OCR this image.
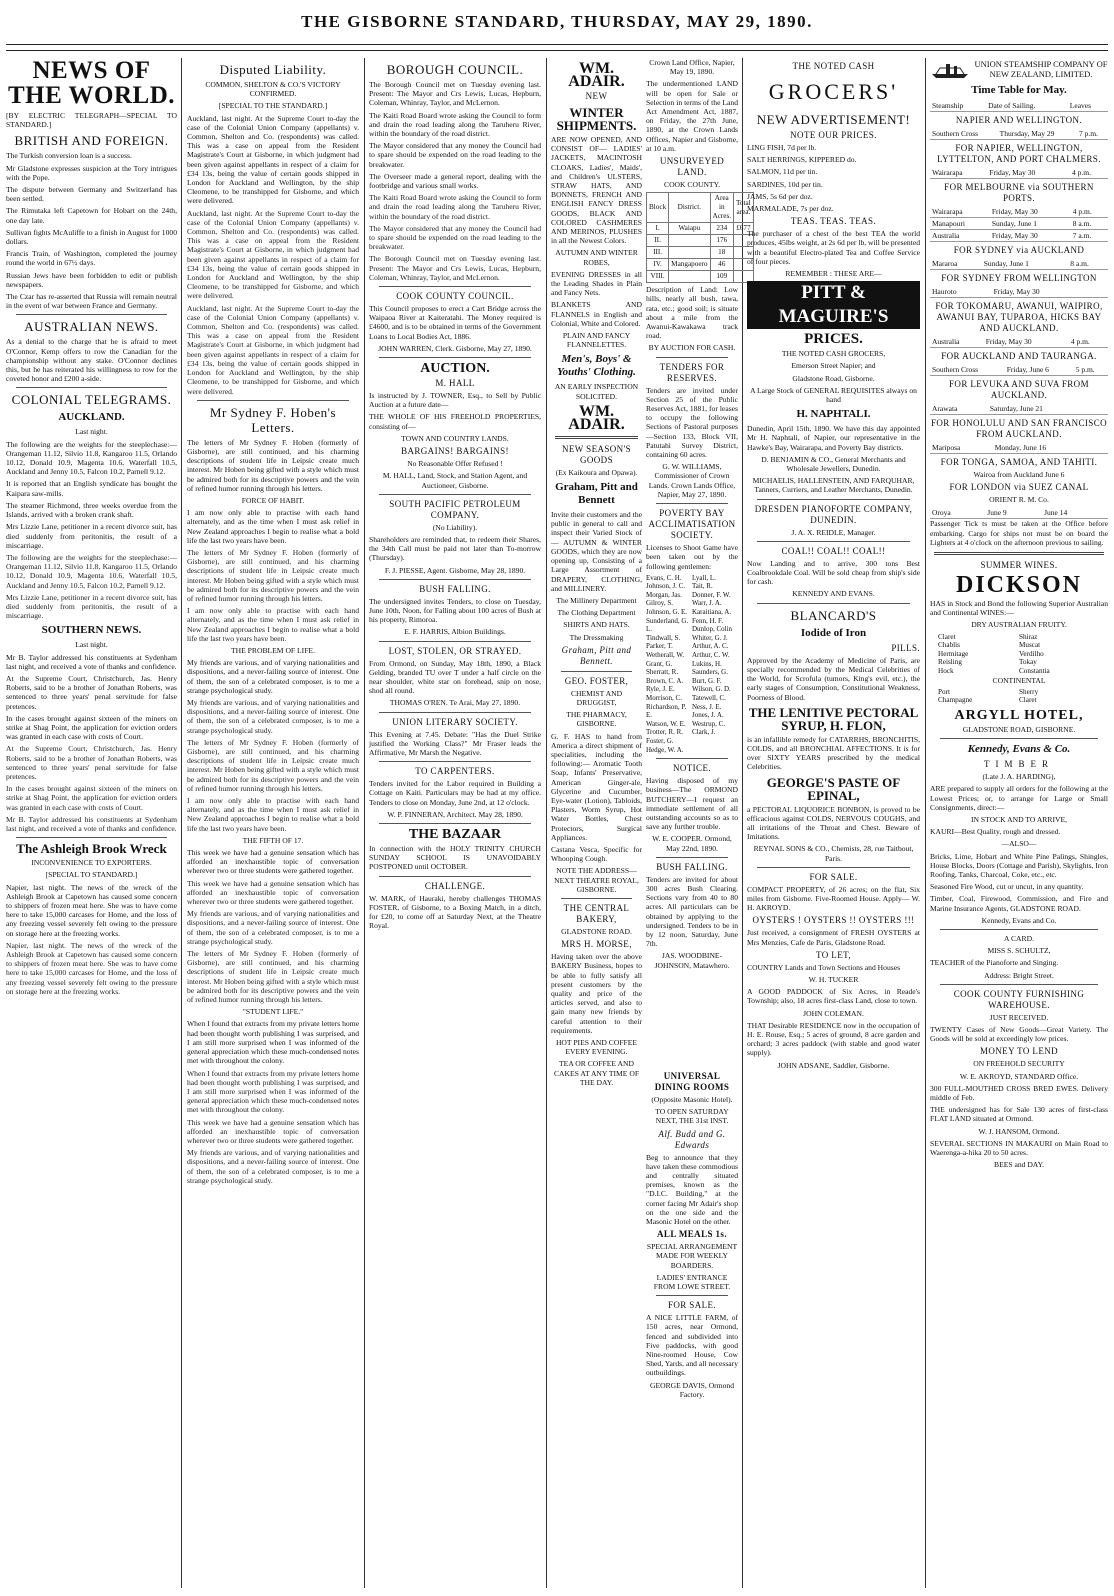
THE GISBORNE STANDARD, THURSDAY, MAY 29, 1890.
NEWS OF THE WORLD.

[BY ELECTRIC TELEGRAPH—SPECIAL TO STANDARD.]

BRITISH AND FOREIGN.

The Turkish conversion loan is a success.

Mr Gladstone expresses suspicion at the Tory intrigues with the Pope.

The dispute between Germany and Switzerland has been settled.

The Rimutaka left Capetown for Hobart on the 24th, one day late.

Sullivan fights McAuliffe to a finish in August for 1000 dollars.

Francis Train, of Washington, completed the journey round the world in 67½ days.

Russian Jews have been forbidden to edit or publish newspapers.

The Czar has re-asserted that Russia will remain neutral in the event of war between France and Germany.

AUSTRALIAN NEWS.

As a denial to the charge that he is afraid to meet O'Connor, Kemp offers to row the Canadian for the championship without any stake. O'Connor declines this, but he has reiterated his willingness to row for the coveted honor and £200 a-side.

COLONIAL TELEGRAMS.
AUCKLAND.

Last night.

The following are the weights for the steeplechase:—Orangeman 11.12, Silvio 11.8, Kangaroo 11.5, Orlando 10.12, Donald 10.9, Magenta 10.6, Waterfall 10.5, Auckland and Jenny 10.5, Falcon 10.2, Parnell 9.12.

It is reported that an English syndicate has bought the Kaipara saw-mills.

The steamer Richmond, three weeks overdue from the Islands, arrived with a broken crank shaft.

Mrs Lizzie Lane, petitioner in a recent divorce suit, has died suddenly from peritonitis, the result of a miscarriage.

The following are the weights for the steeplechase:—Orangeman 11.12, Silvio 11.8, Kangaroo 11.5, Orlando 10.12, Donald 10.9, Magenta 10.6, Waterfall 10.5, Auckland and Jenny 10.5, Falcon 10.2, Parnell 9.12.

Mrs Lizzie Lane, petitioner in a recent divorce suit, has died suddenly from peritonitis, the result of a miscarriage.

SOUTHERN NEWS.

Last night.

Mr B. Taylor addressed his constituents at Sydenham last night, and received a vote of thanks and confidence.

At the Supreme Court, Christchurch, Jas. Henry Roberts, said to be a brother of Jonathan Roberts, was sentenced to three years' penal servitude for false pretences.

In the cases brought against sixteen of the miners on strike at Shag Point, the application for eviction orders was granted in each case with costs of Court.

At the Supreme Court, Christchurch, Jas. Henry Roberts, said to be a brother of Jonathan Roberts, was sentenced to three years' penal servitude for false pretences.

In the cases brought against sixteen of the miners on strike at Shag Point, the application for eviction orders was granted in each case with costs of Court.

Mr B. Taylor addressed his constituents at Sydenham last night, and received a vote of thanks and confidence.

The Ashleigh Brook Wreck

INCONVENIENCE TO EXPORTERS.

[SPECIAL TO STANDARD.]

Napier, last night. The news of the wreck of the Ashleigh Brook at Capetown has caused some concern to shippers of frozen meat here. She was to have come here to take 15,000 carcases for Home, and the loss of any freezing vessel severely felt owing to the pressure on storage here at the freezing works.

Napier, last night. The news of the wreck of the Ashleigh Brook at Capetown has caused some concern to shippers of frozen meat here. She was to have come here to take 15,000 carcases for Home, and the loss of any freezing vessel severely felt owing to the pressure on storage here at the freezing works.

Disputed Liability.

COMMON, SHELTON & CO.'S VICTORY CONFIRMED.

[SPECIAL TO THE STANDARD.]

Auckland, last night. At the Supreme Court to-day the case of the Colonial Union Company (appellants) v. Common, Shelton and Co. (respondents) was called. This was a case on appeal from the Resident Magistrate's Court at Gisborne, in which judgment had been given against appellants in respect of a claim for £34 13s, being the value of certain goods shipped in London for Auckland and Wellington, by the ship Cleomene, to be transhipped for Gisborne, and which were delivered.

Auckland, last night. At the Supreme Court to-day the case of the Colonial Union Company (appellants) v. Common, Shelton and Co. (respondents) was called. This was a case on appeal from the Resident Magistrate's Court at Gisborne, in which judgment had been given against appellants in respect of a claim for £34 13s, being the value of certain goods shipped in London for Auckland and Wellington, by the ship Cleomene, to be transhipped for Gisborne, and which were delivered.

Auckland, last night. At the Supreme Court to-day the case of the Colonial Union Company (appellants) v. Common, Shelton and Co. (respondents) was called. This was a case on appeal from the Resident Magistrate's Court at Gisborne, in which judgment had been given against appellants in respect of a claim for £34 13s, being the value of certain goods shipped in London for Auckland and Wellington, by the ship Cleomene, to be transhipped for Gisborne, and which were delivered.

Mr Sydney F. Hoben's Letters.

The letters of Mr Sydney F. Hoben (formerly of Gisborne), are still continued, and his charming descriptions of student life in Leipsic create much interest. Mr Hoben being gifted with a style which must be admired both for its descriptive powers and the vein of refined humor running through his letters.

FORCE OF HABIT.

I am now only able to practise with each hand alternately, and as the time when I must ask relief in New Zealand approaches I begin to realise what a bold life the last two years have been.

The letters of Mr Sydney F. Hoben (formerly of Gisborne), are still continued, and his charming descriptions of student life in Leipsic create much interest. Mr Hoben being gifted with a style which must be admired both for its descriptive powers and the vein of refined humor running through his letters.

I am now only able to practise with each hand alternately, and as the time when I must ask relief in New Zealand approaches I begin to realise what a bold life the last two years have been.

THE PROBLEM OF LIFE.

My friends are various, and of varying nationalities and dispositions, and a never-failing source of interest. One of them, the son of a celebrated composer, is to me a strange psychological study.

My friends are various, and of varying nationalities and dispositions, and a never-failing source of interest. One of them, the son of a celebrated composer, is to me a strange psychological study.

The letters of Mr Sydney F. Hoben (formerly of Gisborne), are still continued, and his charming descriptions of student life in Leipsic create much interest. Mr Hoben being gifted with a style which must be admired both for its descriptive powers and the vein of refined humor running through his letters.

I am now only able to practise with each hand alternately, and as the time when I must ask relief in New Zealand approaches I begin to realise what a bold life the last two years have been.

THE FIFTH OF 17.

This week we have had a genuine sensation which has afforded an inexhaustible topic of conversation wherever two or three students were gathered together.

This week we have had a genuine sensation which has afforded an inexhaustible topic of conversation wherever two or three students were gathered together.

My friends are various, and of varying nationalities and dispositions, and a never-failing source of interest. One of them, the son of a celebrated composer, is to me a strange psychological study.

The letters of Mr Sydney F. Hoben (formerly of Gisborne), are still continued, and his charming descriptions of student life in Leipsic create much interest. Mr Hoben being gifted with a style which must be admired both for its descriptive powers and the vein of refined humor running through his letters.

"STUDENT LIFE."

When I found that extracts from my private letters home had been thought worth publishing I was surprised, and I am still more surprised when I was informed of the general appreciation which these much-condensed notes met with throughout the colony.

When I found that extracts from my private letters home had been thought worth publishing I was surprised, and I am still more surprised when I was informed of the general appreciation which these much-condensed notes met with throughout the colony.

This week we have had a genuine sensation which has afforded an inexhaustible topic of conversation wherever two or three students were gathered together.

My friends are various, and of varying nationalities and dispositions, and a never-failing source of interest. One of them, the son of a celebrated composer, is to me a strange psychological study.

BOROUGH COUNCIL.

The Borough Council met on Tuesday evening last. Present: The Mayor and Crs Lewis, Lucas, Hepburn, Coleman, Whinray, Taylor, and McLernon.

The Kaiti Road Board wrote asking the Council to form and drain the road leading along the Taruheru River, within the boundary of the road district.

The Mayor considered that any money the Council had to spare should be expended on the road leading to the breakwater.

The Overseer made a general report, dealing with the footbridge and various small works.

The Kaiti Road Board wrote asking the Council to form and drain the road leading along the Taruheru River, within the boundary of the road district.

The Mayor considered that any money the Council had to spare should be expended on the road leading to the breakwater.

The Borough Council met on Tuesday evening last. Present: The Mayor and Crs Lewis, Lucas, Hepburn, Coleman, Whinray, Taylor, and McLernon.

COOK COUNTY COUNCIL.

This Council proposes to erect a Cart Bridge across the Waipaoa River at Kaiteratahi. The Money required is £4600, and is to be obtained in terms of the Government Loans to Local Bodies Act, 1886.

JOHN WARREN, Clerk. Gisborne, May 27, 1890.

AUCTION.
M. HALL

Is instructed by J. TOWNER, Esq., to Sell by Public Auction at a future date—

THE WHOLE OF HIS FREEHOLD PROPERTIES, consisting of—

TOWN AND COUNTRY LANDS.

BARGAINS! BARGAINS!

No Reasonable Offer Refused !

M. HALL, Land, Stock, and Station Agent, and Auctioneer, Gisborne.

SOUTH PACIFIC PETROLEUM COMPANY.

(No Liability).

Shareholders are reminded that, to redeem their Shares, the 34th Call must be paid not later than To-morrow (Thursday).

F. J. PIESSE, Agent. Gisborne, May 28, 1890.

BUSH FALLING.

The undersigned invites Tenders, to close on Tuesday, June 10th, Noon, for Falling about 100 acres of Bush at his property, Rimoroa.

E. F. HARRIS, Albion Buildings.

LOST, STOLEN, OR STRAYED.

From Ormond, on Sunday, May 18th, 1890, a Black Gelding, branded TU over T under a half circle on the near shoulder, white star on forehead, snip on nose, shod all round.

THOMAS O'REN. Te Arai, May 27, 1890.

UNION LITERARY SOCIETY.

This Evening at 7.45. Debate: "Has the Duel Strike justified the Working Class?" Mr Fraser leads the Affirmative, Mr Marsh the Negative.

TO CARPENTERS.

Tenders invited for the Labor required in Building a Cottage on Kaiti. Particulars may be had at my office. Tenders to close on Monday, June 2nd, at 12 o'clock.

W. P. FINNERAN, Architect. May 28, 1890.

THE BAZAAR

In connection with the HOLY TRINITY CHURCH SUNDAY SCHOOL IS UNAVOIDABLY POSTPONED until OCTOBER.

CHALLENGE.

W. MARK, of Hauraki, hereby challenges THOMAS FOSTER, of Gisborne, to a Boxing Match, in a ditch, for £20, to come off at Saturday Next, at the Theatre Royal.

WM. ADAIR.
NEW
WINTER SHIPMENTS.

ARE NOW OPENED, AND CONSIST OF— LADIES' JACKETS, MACINTOSH CLOAKS, Ladies', Maids', and Children's ULSTERS, STRAW HATS, AND BONNETS, FRENCH AND ENGLISH FANCY DRESS GOODS, BLACK AND COLORED CASHMERES AND MERINOS, PLUSHES in all the Newest Colors.

AUTUMN AND WINTER ROBES,

EVENING DRESSES in all the Leading Shades in Plain and Fancy Nets.

BLANKETS AND FLANNELS in English and Colonial, White and Colored.

PLAIN AND FANCY FLANNELETTES.

Men's, Boys' & Youths' Clothing.

AN EARLY INSPECTION SOLICITED.

WM. ADAIR.
NEW SEASON'S GOODS

(Ex Kaikoura and Opawa).

Graham, Pitt and Bennett

Invite their customers and the public in general to call and inspect their Varied Stock of— AUTUMN & WINTER GOODS, which they are now opening up, Consisting of a Large Assortment of DRAPERY, CLOTHING, and MILLINERY.

The Millinery Department

The Clothing Department

SHIRTS AND HATS.

The Dressmaking

Graham, Pitt and Bennett.
GEO. FOSTER,

CHEMIST AND DRUGGIST,

THE PHARMACY, GISBORNE.

G. F. HAS to hand from America a direct shipment of specialities, including the following:— Aromatic Tooth Soap, Infants' Preservative, American Ginger-ale, Glycerine and Cucumber, Eye-water (Lotion), Tabloids, Plasters, Worm Syrup, Hot Water Bottles, Chest Protectors, Surgical Appliances.

Castana Vesca, Specific for Whooping Cough.

NOTE THE ADDRESS— NEXT THEATRE ROYAL, GISBORNE.

THE CENTRAL BAKERY,

GLADSTONE ROAD.

MRS H. MORSE,

Having taken over the above BAKERY Business, hopes to be able to fully satisfy all present customers by the quality and price of the articles served, and also to gain many new friends by careful attention to their requirements.

HOT PIES AND COFFEE EVERY EVENING.

TEA OR COFFEE AND CAKES AT ANY TIME OF THE DAY.

Crown Land Office, Napier, May 19, 1890.

The undermentioned LAND will be open for Sale or Selection in terms of the Land Act Amendment Act, 1887, on Friday, the 27th June, 1890, at the Crown Lands Offices, Napier and Gisborne, at 10 a.m.

UNSURVEYED LAND.

COOK COUNTY.

Block	District.	Area in Acres.	Total area.
I.	Waiapu	234	£677
II.		176	
III.		18	
IV.	Mangapoero	46	
VIII.		109	

Description of Land: Low hills, nearly all bush, tawa, rata, etc.; good soil; is situate about a mile from the Awanui-Kawakawa track road.

BY AUCTION FOR CASH.

TENDERS FOR RESERVES.

Tenders are invited under Section 25 of the Public Reserves Act, 1881, for leases to occupy the following Sections of Pastoral purposes—Section 133, Block VII, Patutahi Survey District, containing 60 acres.

G. W. WILLIAMS, Commissioner of Crown Lands. Crown Lands Office, Napier, May 27, 1890.

POVERTY BAY ACCLIMATISATION SOCIETY.

Licenses to Shoot Game have been taken out by the following gentlemen:

Evans, C. H.
Johnson, J. C.
Morgan, Jas.
Gilroy, S.
Johnson, G. E.
Sunderland, G. L.
Tindwall, S.
Parker, T.
Wetherall, W.
Grant, G.
Sherratt, R.
Brown, C. A.
Ryle, J. E.
Morrison, C.
Richardson, P. E.
Watson, W. E.
Trotter, R. R.
Foster, G.
Hedge, W. A.
Lyall, L.
Tait, R.
Donner, F. W.
Warr, J. A.
Karaitiana, A.
Fenn, H. F.
Dunlop, Colin
Whiter, G. J.
Arthur, A. C.
Arthur, C. W.
Lukins, H.
Saunders, G.
Burt, G. F.
Wilson, G. D.
Tatewell, C.
Ness, J. E.
Jones, J. A.
Westrup, C.
Clark, J.
NOTICE.

Having disposed of my business—The ORMOND BUTCHERY—I request an immediate settlement of all outstanding accounts so as to save any further trouble.

W. E. COOPER. Ormond, May 22nd, 1890.

BUSH FALLING.

Tenders are invited for about 300 acres Bush Clearing. Sections vary from 40 to 80 acres. All particulars can be obtained by applying to the undersigned. Tenders to be in by 12 noon, Saturday, June 7th.

JAS. WOODBINE-JOHNSON, Matawhero.

UNIVERSAL DINING ROOMS

(Opposite Masonic Hotel).

TO OPEN SATURDAY NEXT, THE 31st INST.

Alf. Budd and G. Edwards

Beg to announce that they have taken these commodious and centrally situated premises, known as the "D.I.C. Building," at the corner facing Mr Adair's shop on the one side and the Masonic Hotel on the other.

ALL MEALS 1s.

SPECIAL ARRANGEMENT MADE FOR WEEKLY BOARDERS.

LADIES' ENTRANCE FROM LOWE STREET.

FOR SALE.

A NICE LITTLE FARM, of 150 acres, near Ormond, fenced and subdivided into Five paddocks, with good Nine-roomed House, Cow Shed, Yards, and all necessary outbuildings.

GEORGE DAVIS, Ormond Factory.

THE NOTED CASH
GROCERS'
NEW ADVERTISEMENT!
NOTE OUR PRICES.

LING FISH, 7d per lb.

SALT HERRINGS, KIPPERED do.

SALMON, 11d per tin.

SARDINES, 10d per tin.

JAMS, 5s 6d per doz.

MARMALADE, 7s per doz.

TEAS. TEAS. TEAS.

The purchaser of a chest of the best TEA the world produces, 45lbs weight, at 2s 6d per lb, will be presented with a beautiful Electro-plated Tea and Coffee Service of four pieces.

REMEMBER : THESE ARE—

PITT & MAGUIRE'S
PRICES.

THE NOTED CASH GROCERS,

Emerson Street Napier; and

Gladstone Road, Gisborne.

A Large Stock of GENERAL REQUISITES always on hand

H. NAPHTALI.

Dunedin, April 15th, 1890. We have this day appointed Mr H. Naphtali, of Napier, our representative in the Hawke's Bay, Wairarapa, and Poverty Bay districts.

D. BENJAMIN & CO., General Merchants and Wholesale Jewellers, Dunedin.

MICHAELIS, HALLENSTEIN, AND FARQUHAR, Tanners, Curriers, and Leather Merchants, Dunedin.

DRESDEN PIANOFORTE COMPANY, DUNEDIN.

J. A. X. REIDLE, Manager.

COAL!! COAL!! COAL!!

Now Landing and to arrive, 300 tons Best Coalbrookdale Coal. Will be sold cheap from ship's side for cash.

KENNEDY AND EVANS.

BLANCARD'S
Iodide of Iron
PILLS.

Approved by the Academy of Medicine of Paris, are specially recommended by the Medical Celebrities of the World, for Scrofula (tumors, King's evil, etc.), the early stages of Consumption, Constitutional Weakness, Poorness of Blood.

THE LENITIVE PECTORAL SYRUP, H. FLON,

is an infallible remedy for CATARRHS, BRONCHITIS, COLDS, and all BRONCHIAL AFFECTIONS. It is for over SIXTY YEARS prescribed by the medical Celebrities.

GEORGE'S PASTE OF EPINAL,

a PECTORAL LIQUORICE BONBON, is proved to be efficacious against COLDS, NERVOUS COUGHS, and all irritations of the Throat and Chest. Beware of Imitations.

REYNAL SONS & CO., Chemists, 28, rue Taitbout, Paris.

FOR SALE.

COMPACT PROPERTY, of 26 acres; on the flat, Six miles from Gisborne. Five-Roomed House. Apply— W. H. AKROYD.

OYSTERS ! OYSTERS !! OYSTERS !!!

Just received, a consignment of FRESH OYSTERS at Mrs Menzies, Cafe de Paris, Gladstone Road.

TO LET,

COUNTRY Lands and Town Sections and Houses

W. H. TUCKER

A GOOD PADDOCK of Six Acres, in Reade's Township; also, 18 acres first-class Land, close to town.

JOHN COLEMAN.

THAT Desirable RESIDENCE now in the occupation of H. E. Rouse, Esq.; 5 acres of ground, 8 acre garden and orchard; 3 acres paddock (with stable and good water supply).

JOHN ADSANE, Saddler, Gisborne.

UNION STEAMSHIP COMPANY OF NEW ZEALAND, LIMITED.
Time Table for May.
Steamship	Date of Sailing.	Leaves
NAPIER AND WELLINGTON.
Southern Cross	Thursday, May 29	7 p.m.
FOR NAPIER, WELLINGTON, LYTTELTON, AND PORT CHALMERS.
Wairarapa	Friday, May 30	4 p.m.
FOR MELBOURNE via SOUTHERN PORTS.
Wairarapa	Friday, May 30	4 p.m.
Manapouri	Sunday, June 1	8 a.m.
Australia	Friday, May 30	7 a.m.
FOR SYDNEY via AUCKLAND
Mararoa	Sunday, June 1	8 a.m.
FOR SYDNEY FROM WELLINGTON
Hauroto	Friday, May 30	
FOR TOKOMARU, AWANUI, WAIPIRO, AWANUI BAY, TUPAROA, HICKS BAY AND AUCKLAND.
Australia	Friday, May 30	4 p.m.
FOR AUCKLAND AND TAURANGA.
Southern Cross	Friday, June 6	5 p.m.
FOR LEVUKA AND SUVA FROM AUCKLAND.
Arawata	Saturday, June 21	
FOR HONOLULU AND SAN FRANCISCO FROM AUCKLAND.
Mariposa	Monday, June 16	
FOR TONGA, SAMOA, AND TAHITI.

Wairoa from Auckland June 6

FOR LONDON via SUEZ CANAL

ORIENT R. M. Co.

Oroya	June 9	June 14

Passenger Tick ts must be taken at the Office before embarking. Cargo for ships not must be on board the Lighters at 4 o'clock on the afternoon previous to sailing.

SUMMER WINES.
DICKSON

HAS in Stock and Bond the following Superior Australian and Continental WINES:—

DRY AUSTRALIAN FRUITY.

Claret
Chablis
Hermitage
Reisling
Hock
Shiraz
Muscat
Verdilho
Tokay
Constantia

CONTINENTAL

Port
Champagne
Sherry
Claret
ARGYLL HOTEL,

GLADSTONE ROAD, GISBORNE.

Kennedy, Evans & Co.
TIMBER

(Late J. A. HARDING),

ARE prepared to supply all orders for the following at the Lowest Prices; or, to arrange for Large or Small Consignments, direct:—

IN STOCK AND TO ARRIVE,

KAURI—Best Quality, rough and dressed.

—ALSO—

Bricks, Lime, Hobart and White Pine Palings, Shingles, House Blocks, Doors (Cottage and Parish), Skylights, Iron Roofing, Tanks, Charcoal, Coke, etc., etc.

Seasoned Fire Wood, cut or uncut, in any quantity.

Timber, Coal, Firewood, Commission, and Fire and Marine Insurance Agents, GLADSTONE ROAD.

Kennedy, Evans and Co.

A CARD.

MISS S. SCHULTZ,

TEACHER of the Pianoforte and Singing.

Address: Bright Street.

COOK COUNTY FURNISHING WAREHOUSE.

JUST RECEIVED.

TWENTY Cases of New Goods—Great Variety. The Goods will be sold at exceedingly low prices.

MONEY TO LEND

ON FREEHOLD SECURITY

W. E. AKROYD, STANDARD Office.

300 FULL-MOUTHED CROSS BRED EWES. Delivery middle of Feb.

THE undersigned has for Sale 130 acres of first-class FLAT LAND situated at Ormond.

W. J. HANSOM, Ormond.

SEVERAL SECTIONS IN MAKAURI on Main Road to Waerenga-a-hika 20 to 50 acres.

BEES and DAY.
